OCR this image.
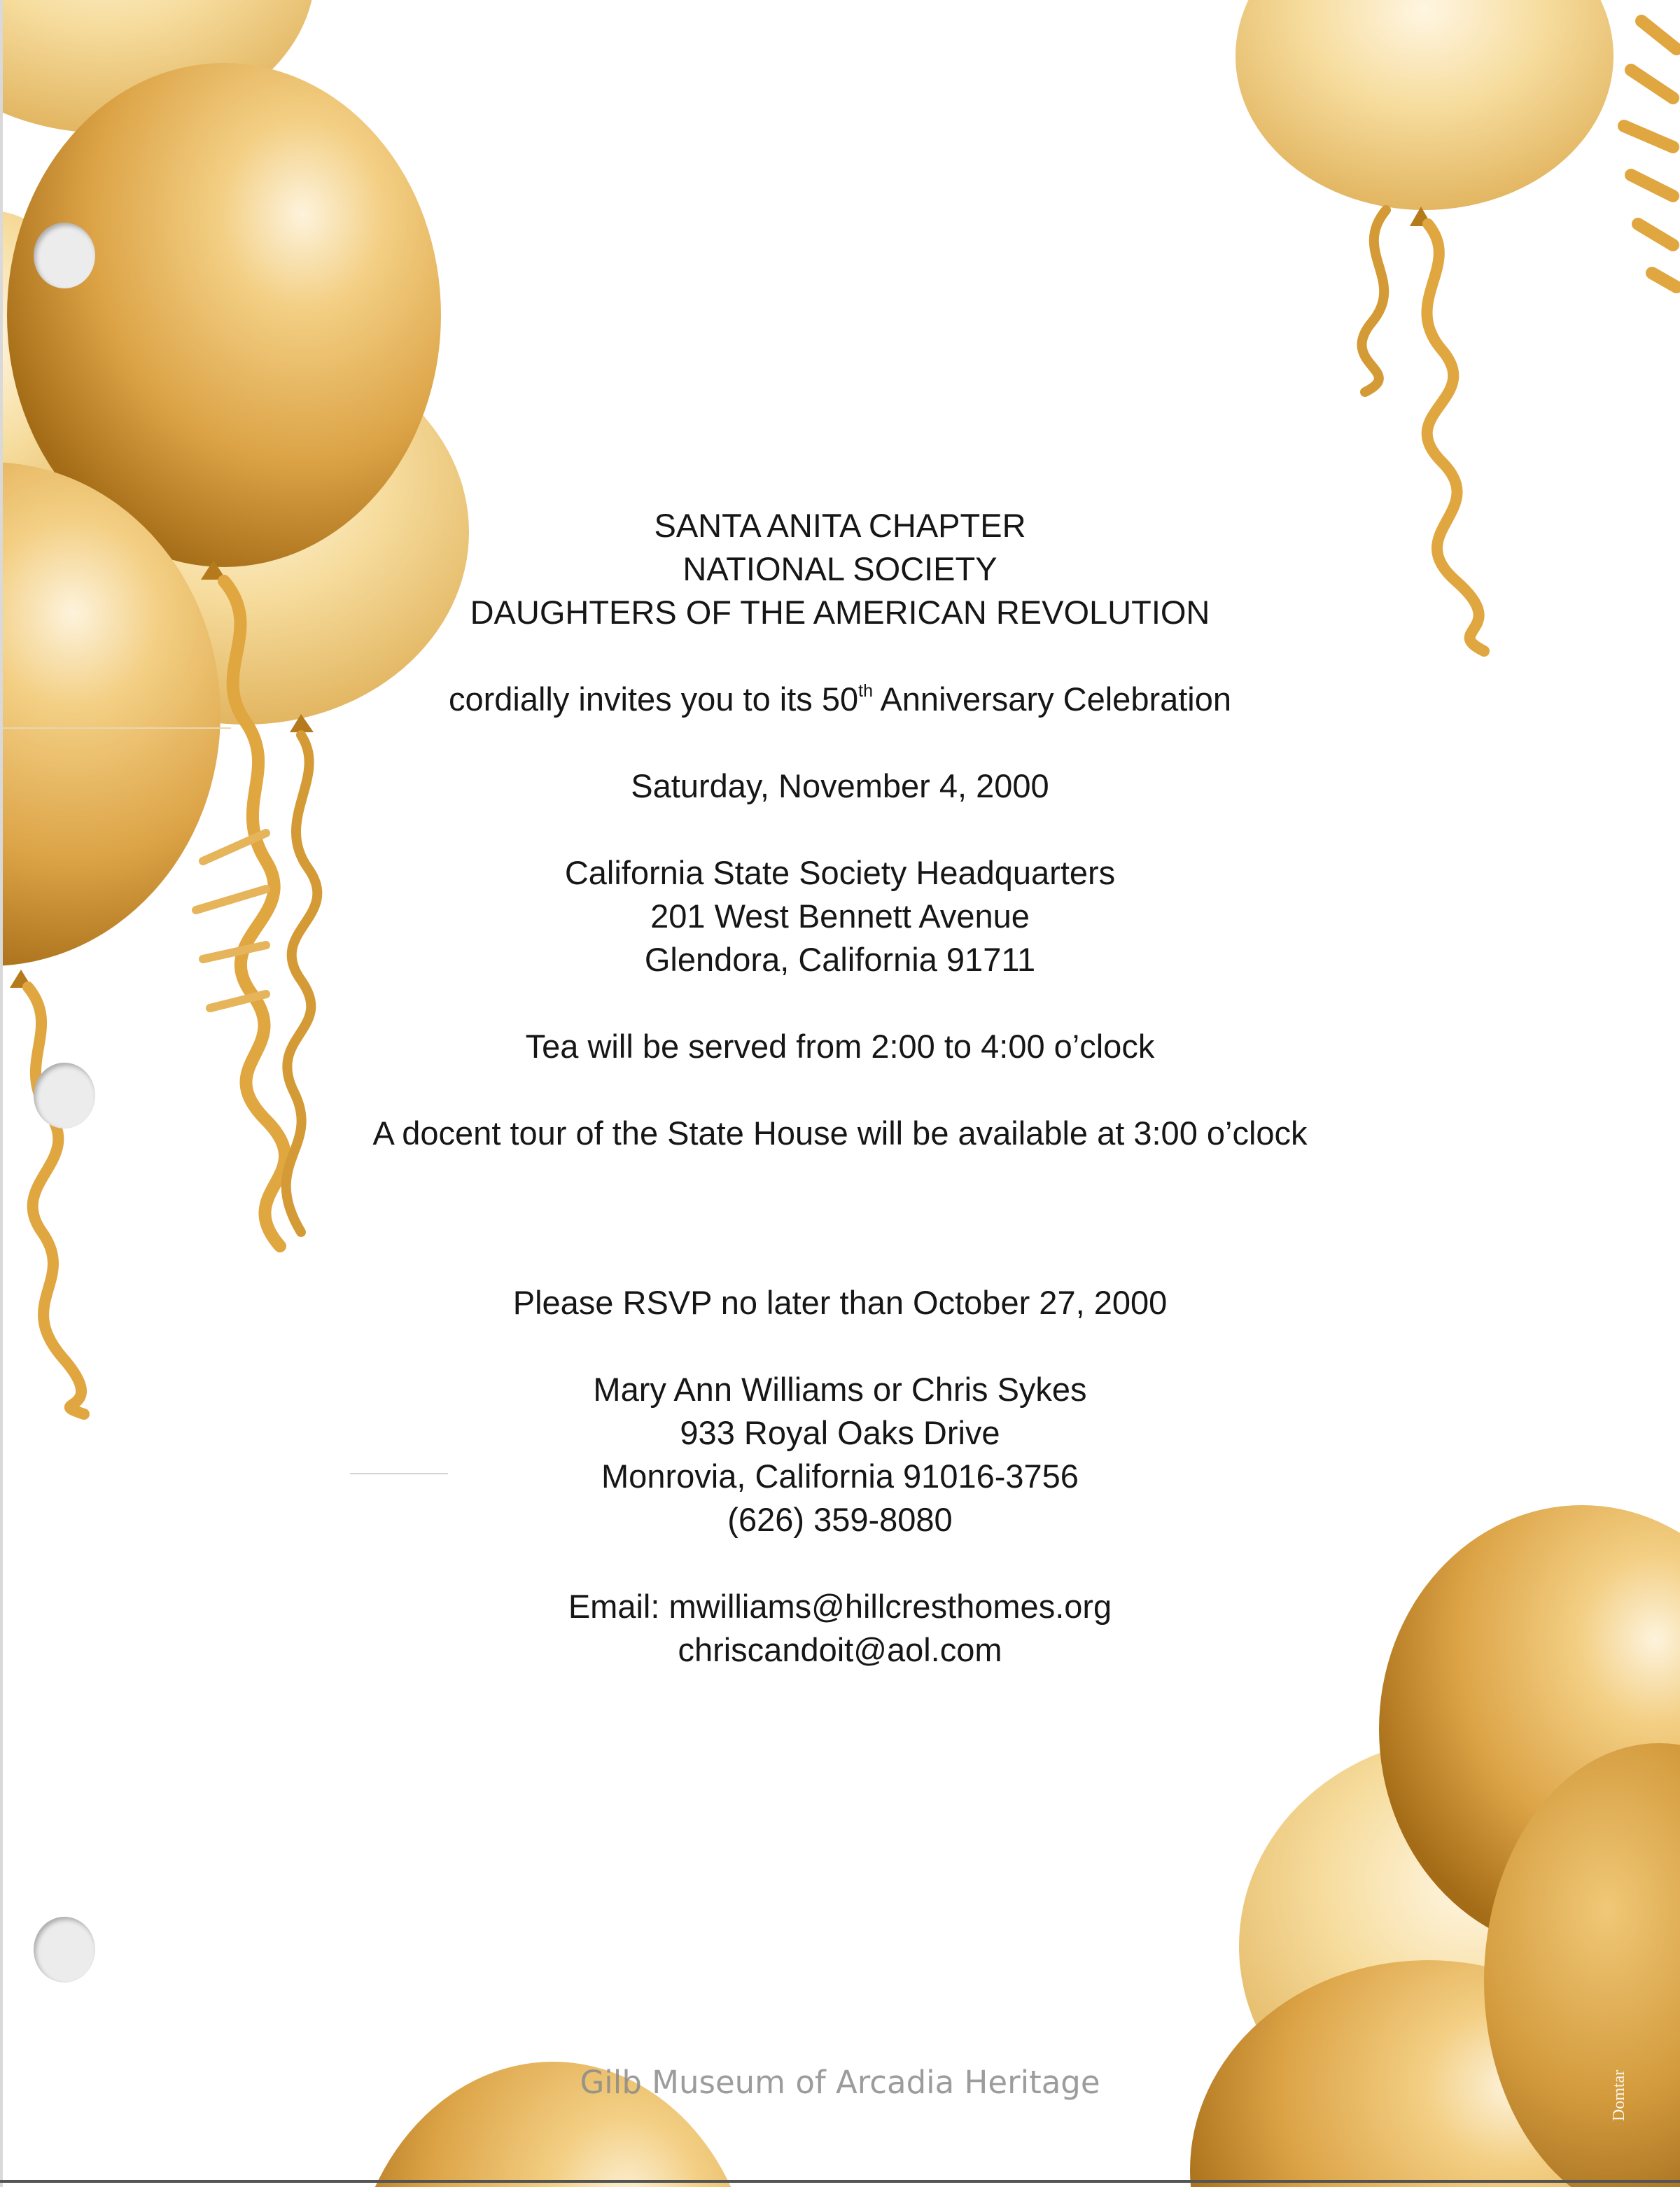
SANTA ANITA CHAPTER
NATIONAL SOCIETY
DAUGHTERS OF THE AMERICAN REVOLUTION
cordially invites you to its 50th Anniversary Celebration
Saturday, November 4, 2000
California State Society Headquarters
201 West Bennett Avenue
Glendora, California 91711
Tea will be served from 2:00 to 4:00 o’clock
A docent tour of the State House will be available at 3:00 o’clock
Please RSVP no later than October 27, 2000
Mary Ann Williams or Chris Sykes
933 Royal Oaks Drive
Monrovia, California 91016-3756
(626) 359-8080
Email: mwilliams@hillcresthomes.org
chriscandoit@aol.com
Gilb Museum of Arcadia Heritage	Domtar
